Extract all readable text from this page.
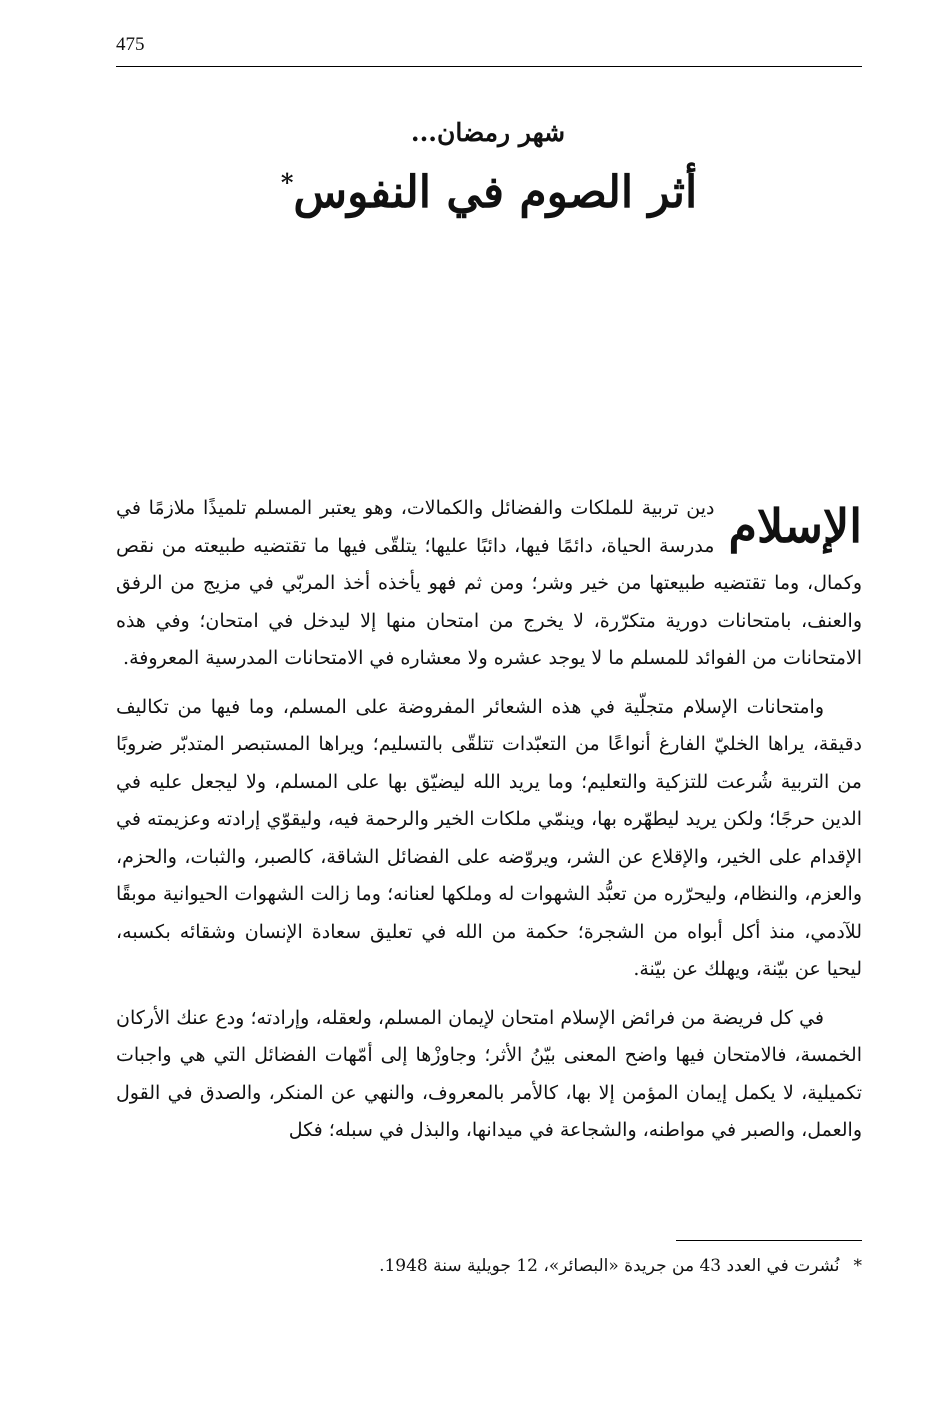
475
شهر رمضان...
أثر الصوم في النفوس*

الإسلام
دين تربية للملكات والفضائل والكمالات، وهو يعتبر المسلم تلميذًا ملازمًا في مدرسة الحياة، دائمًا فيها، دائبًا عليها؛ يتلقّى فيها ما تقتضيه طبيعته من نقص وكمال، وما تقتضيه طبيعتها من خير وشر؛ ومن ثم فهو يأخذه أخذ المربّي في مزيج من الرفق والعنف، بامتحانات دورية متكرّرة، لا يخرج من امتحان منها إلا ليدخل في امتحان؛ وفي هذه الامتحانات من الفوائد للمسلم ما لا يوجد عشره ولا معشاره في الامتحانات المدرسية المعروفة.

وامتحانات الإسلام متجلّية في هذه الشعائر المفروضة على المسلم، وما فيها من تكاليف دقيقة، يراها الخليّ الفارغ أنواعًا من التعبّدات تتلقّى بالتسليم؛ ويراها المستبصر المتدبّر ضروبًا من التربية شُرعت للتزكية والتعليم؛ وما يريد الله ليضيّق بها على المسلم، ولا ليجعل عليه في الدين حرجًا؛ ولكن يريد ليطهّره بها، وينمّي ملكات الخير والرحمة فيه، وليقوّي إرادته وعزيمته في الإقدام على الخير، والإقلاع عن الشر، ويروّضه على الفضائل الشاقة، كالصبر، والثبات، والحزم، والعزم، والنظام، وليحرّره من تعبُّد الشهوات له وملكها لعنانه؛ وما زالت الشهوات الحيوانية موبقًا للآدمي، منذ أكل أبواه من الشجرة؛ حكمة من الله في تعليق سعادة الإنسان وشقائه بكسبه، ليحيا عن بيّنة، ويهلك عن بيّنة.

في كل فريضة من فرائض الإسلام امتحان لإيمان المسلم، ولعقله، وإرادته؛ ودع عنك الأركان الخمسة، فالامتحان فيها واضح المعنى بيّنُ الأثر؛ وجاوزْها إلى أمّهات الفضائل التي هي واجبات تكميلية، لا يكمل إيمان المؤمن إلا بها، كالأمر بالمعروف، والنهي عن المنكر، والصدق في القول والعمل، والصبر في مواطنه، والشجاعة في ميدانها، والبذل في سبله؛ فكل

*نُشرت في العدد 43 من جريدة «البصائر»، 12 جويلية سنة 1948.
